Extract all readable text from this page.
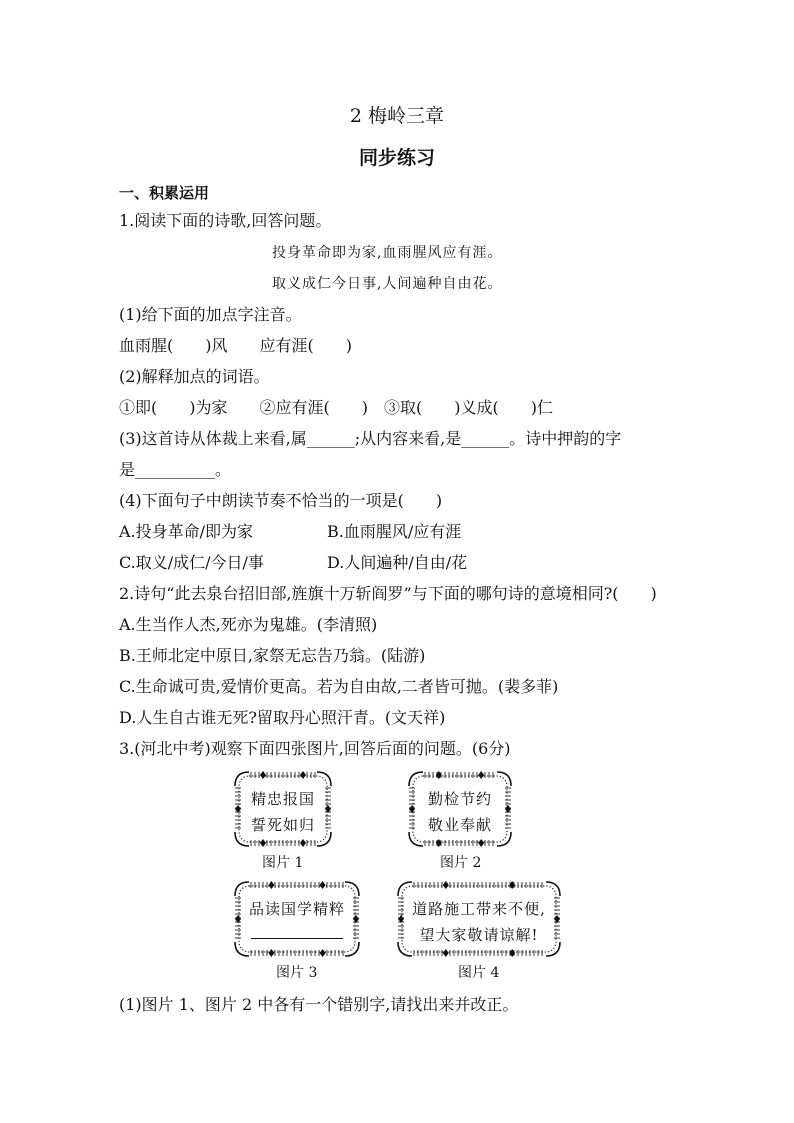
2 梅岭三章
同步练习
一、积累运用
1.阅读下面的诗歌,回答问题。
投身革命即为家,血雨腥风应有涯。
取义成仁今日事,人间遍种自由花。
(1)给下面的加点字注音。
血雨腥(　　)风　　应有涯(　　)
(2)解释加点的词语。
①即(　　)为家　　②应有涯(　　)　③取(　　)义成(　　)仁
(3)这首诗从体裁上来看,属______;从内容来看,是______。诗中押韵的字
是__________。
(4)下面句子中朗读节奏不恰当的一项是(　　)
A.投身革命/即为家	B.血雨腥风/应有涯
C.取义/成仁/今日/事	D.人间遍种/自由/花
2.诗句“此去泉台招旧部,旌旗十万斩阎罗”与下面的哪句诗的意境相同?(　　)
A.生当作人杰,死亦为鬼雄。(李清照)
B.王师北定中原日,家祭无忘告乃翁。(陆游)
C.生命诚可贵,爱情价更高。若为自由故,二者皆可抛。(裴多菲)
D.人生自古谁无死?留取丹心照汗青。(文天祥)
3.(河北中考)观察下面四张图片,回答后面的问题。(6分)
精忠报国
誓死如归
图片 1
勤检节约
敬业奉献
图片 2
品读国学精粹
图片 3
道路施工带来不便,
望大家敬请谅解!
图片 4
(1)图片 1、图片 2 中各有一个错别字,请找出来并改正。
